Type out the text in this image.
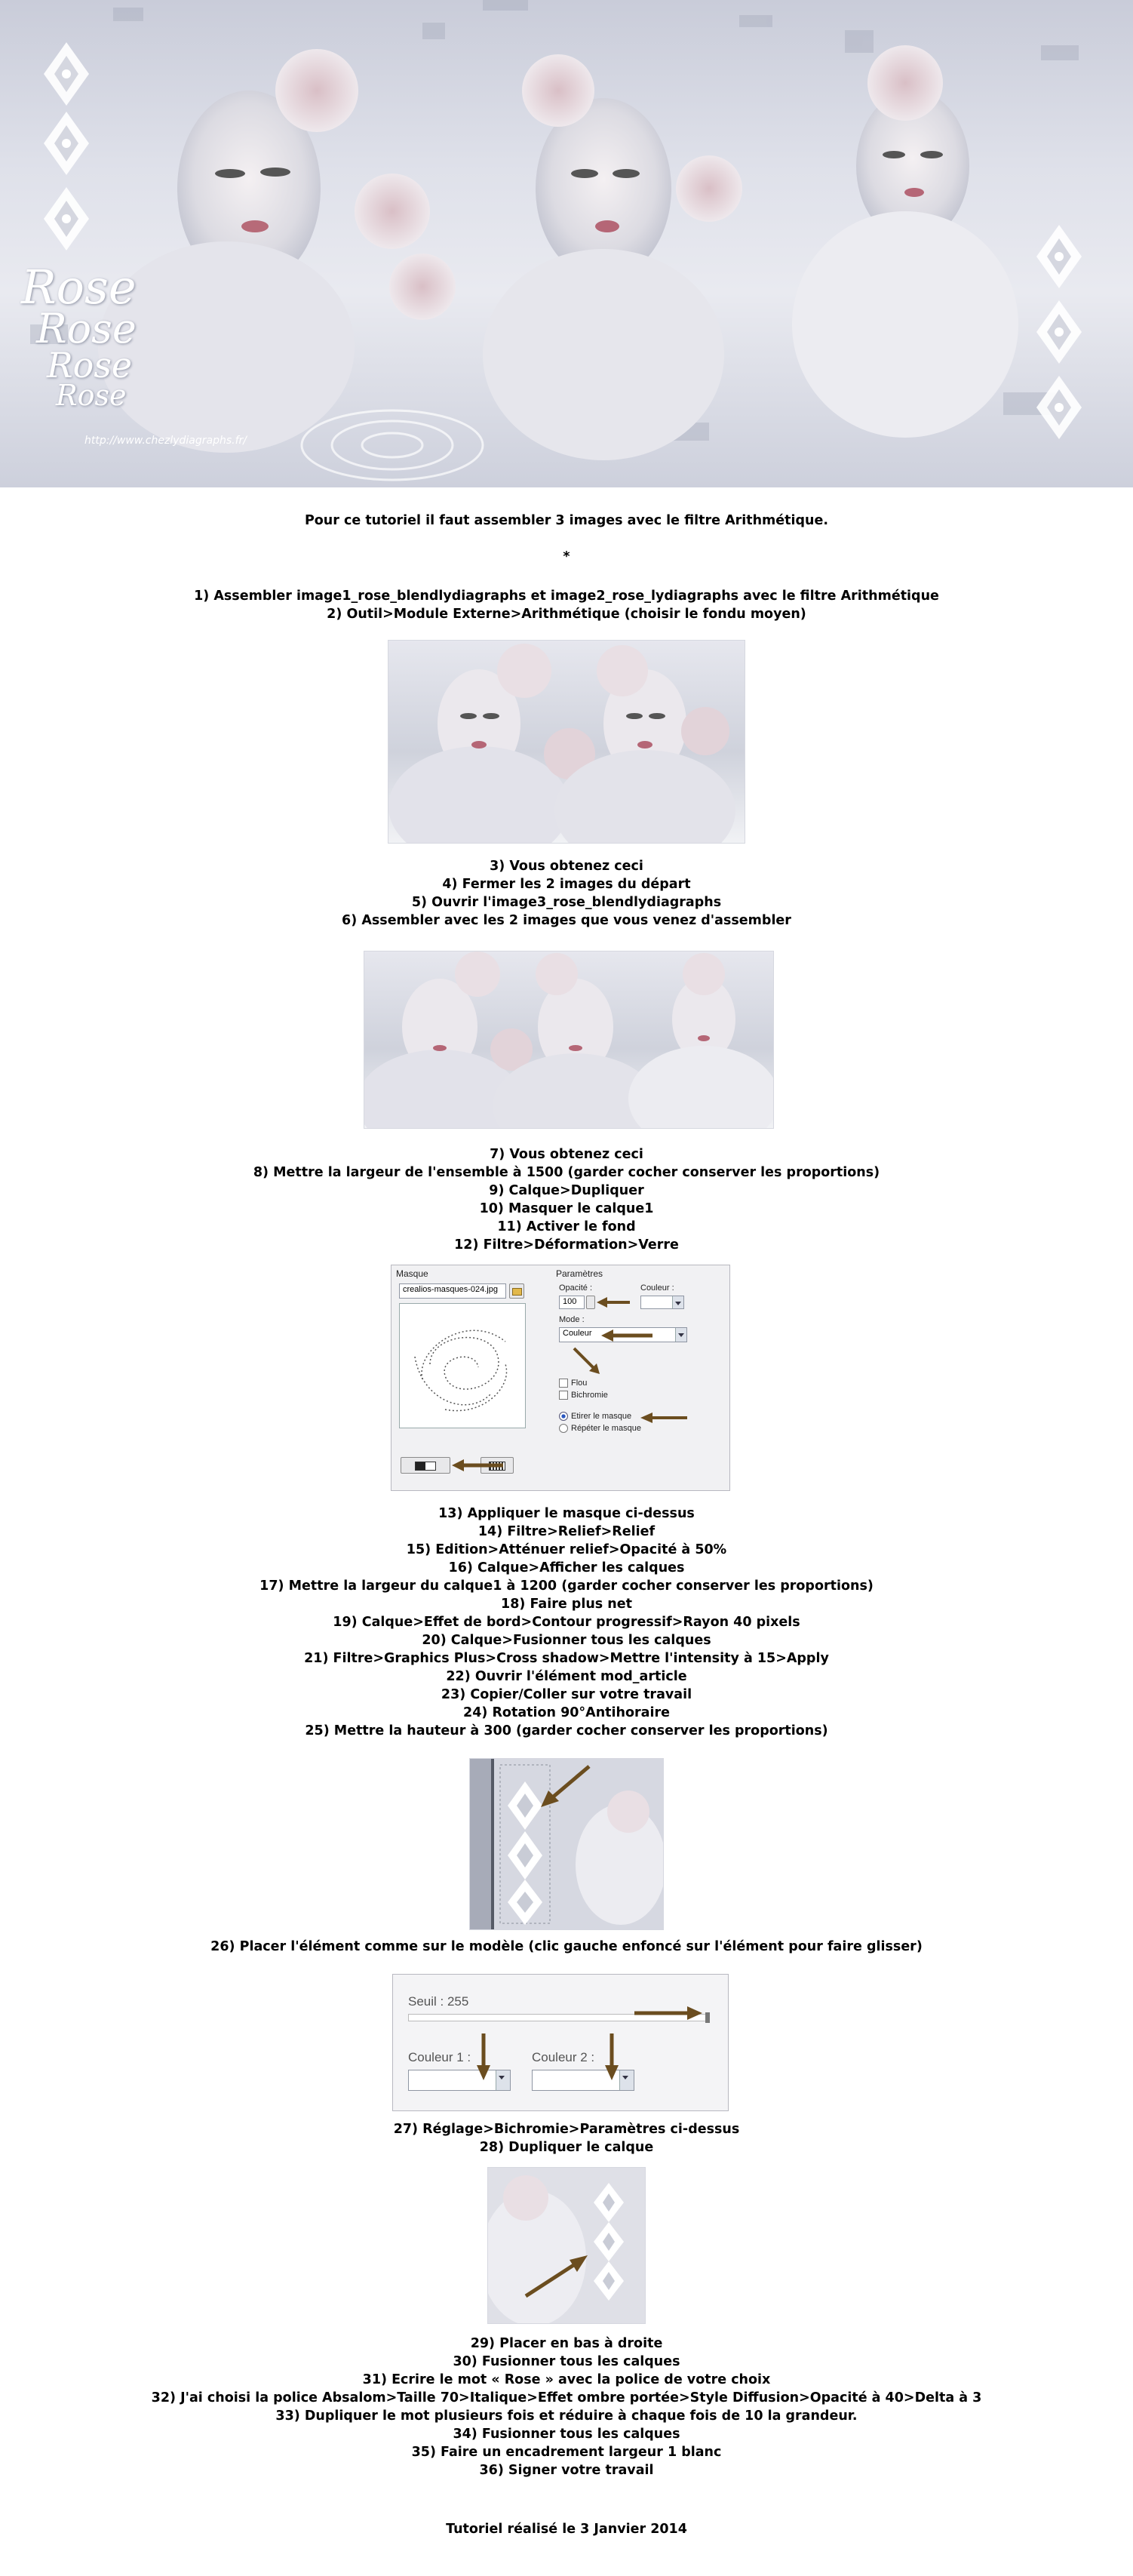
Rose
Rose
Rose
Rose
http://www.chezlydiagraphs.fr/
Pour ce tutoriel il faut assembler 3 images avec le filtre Arithmétique.
*
1) Assembler image1_rose_blendlydiagraphs et image2_rose_lydiagraphs avec le filtre Arithmétique
2) Outil>Module Externe>Arithmétique (choisir le fondu moyen)
3) Vous obtenez ceci
4) Fermer les 2 images du départ
5) Ouvrir l'image3_rose_blendlydiagraphs
6) Assembler avec les 2 images que vous venez d'assembler
7) Vous obtenez ceci
8) Mettre la largeur de l'ensemble à 1500 (garder cocher conserver les proportions)
9) Calque>Dupliquer
10) Masquer le calque1
11) Activer le fond
12) Filtre>Déformation>Verre
Masque
crealios-masques-024.jpg
Paramètres
Opacité :
100
Couleur :
Mode :
Couleur
Flou
Bichromie
Etirer le masque
Répéter le masque
13) Appliquer le masque ci-dessus
14) Filtre>Relief>Relief
15) Edition>Atténuer relief>Opacité à 50%
16) Calque>Afficher les calques
17) Mettre la largeur du calque1 à 1200 (garder cocher conserver les proportions)
18) Faire plus net
19) Calque>Effet de bord>Contour progressif>Rayon 40 pixels
20) Calque>Fusionner tous les calques
21) Filtre>Graphics Plus>Cross shadow>Mettre l'intensity à 15>Apply
22) Ouvrir l'élément mod_article
23) Copier/Coller sur votre travail
24) Rotation 90°Antihoraire
25) Mettre la hauteur à 300 (garder cocher conserver les proportions)
26) Placer l'élément comme sur le modèle (clic gauche enfoncé sur l'élément pour faire glisser)
Seuil : 255
Couleur 1 :	Couleur 2 :
27) Réglage>Bichromie>Paramètres ci-dessus
28) Dupliquer le calque
29) Placer en bas à droite
30) Fusionner tous les calques
31) Ecrire le mot « Rose » avec la police de votre choix
32) J'ai choisi la police Absalom>Taille 70>Italique>Effet ombre portée>Style Diffusion>Opacité à 40>Delta à 3
33) Dupliquer le mot plusieurs fois et réduire à chaque fois de 10 la grandeur.
34) Fusionner tous les calques
35) Faire un encadrement largeur 1 blanc
36) Signer votre travail
Tutoriel réalisé le 3 Janvier 2014
